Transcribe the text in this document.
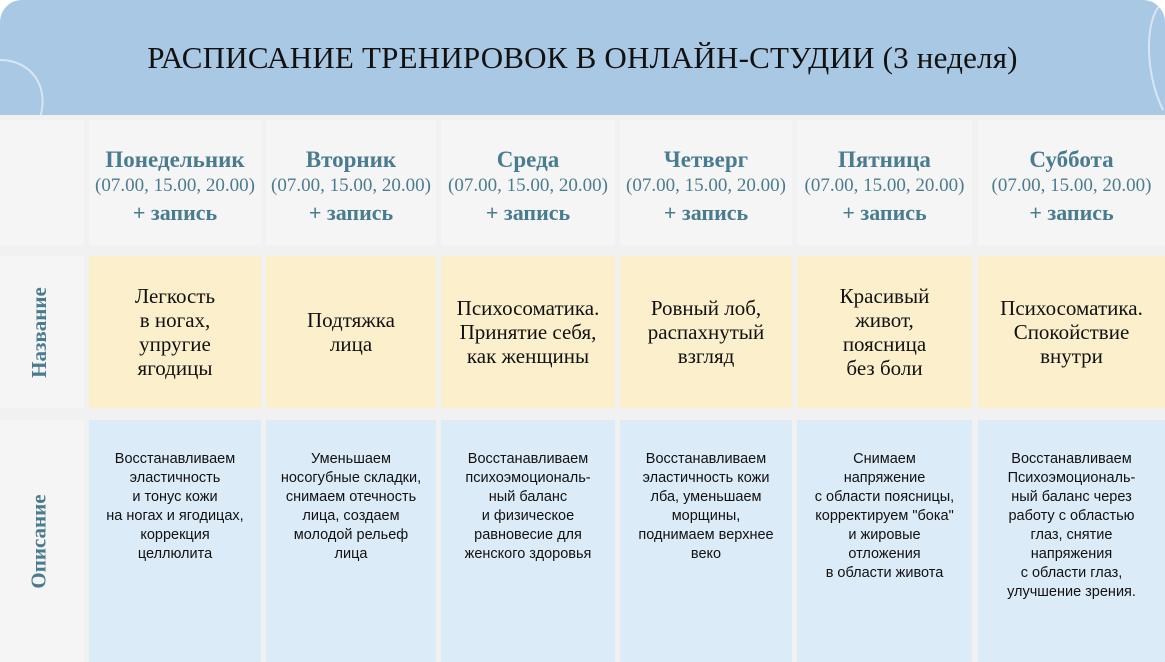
РАСПИСАНИЕ ТРЕНИРОВОК В ОНЛАЙН-СТУДИИ (3 неделя)
Название
Описание
Понедельник
(07.00, 15.00, 20.00)
+ запись
Легкость
в ногах,
упругие
ягодицы
Восстанавливаем
эластичность
и тонус кожи
на ногах и ягодицах,
коррекция
целлюлита
Вторник
(07.00, 15.00, 20.00)
+ запись
Подтяжка
лица
Уменьшаем
носогубные складки,
снимаем отечность
лица, создаем
молодой рельеф
лица
Среда
(07.00, 15.00, 20.00)
+ запись
Психосоматика.
Принятие себя,
как женщины
Восстанавливаем
психоэмоциональ-
ный баланс
и физическое
равновесие для
женского здоровья
Четверг
(07.00, 15.00, 20.00)
+ запись
Ровный лоб,
распахнутый
взгляд
Восстанавливаем
эластичность кожи
лба, уменьшаем
морщины,
поднимаем верхнее
веко
Пятница
(07.00, 15.00, 20.00)
+ запись
Красивый
живот,
поясница
без боли
Снимаем
напряжение
с области поясницы,
корректируем "бока"
и жировые
отложения
в области живота
Суббота
(07.00, 15.00, 20.00)
+ запись
Психосоматика.
Спокойствие
внутри
Восстанавливаем
Психоэмоциональ-
ный баланс через
работу с областью
глаз, снятие
напряжения
с области глаз,
улучшение зрения.
